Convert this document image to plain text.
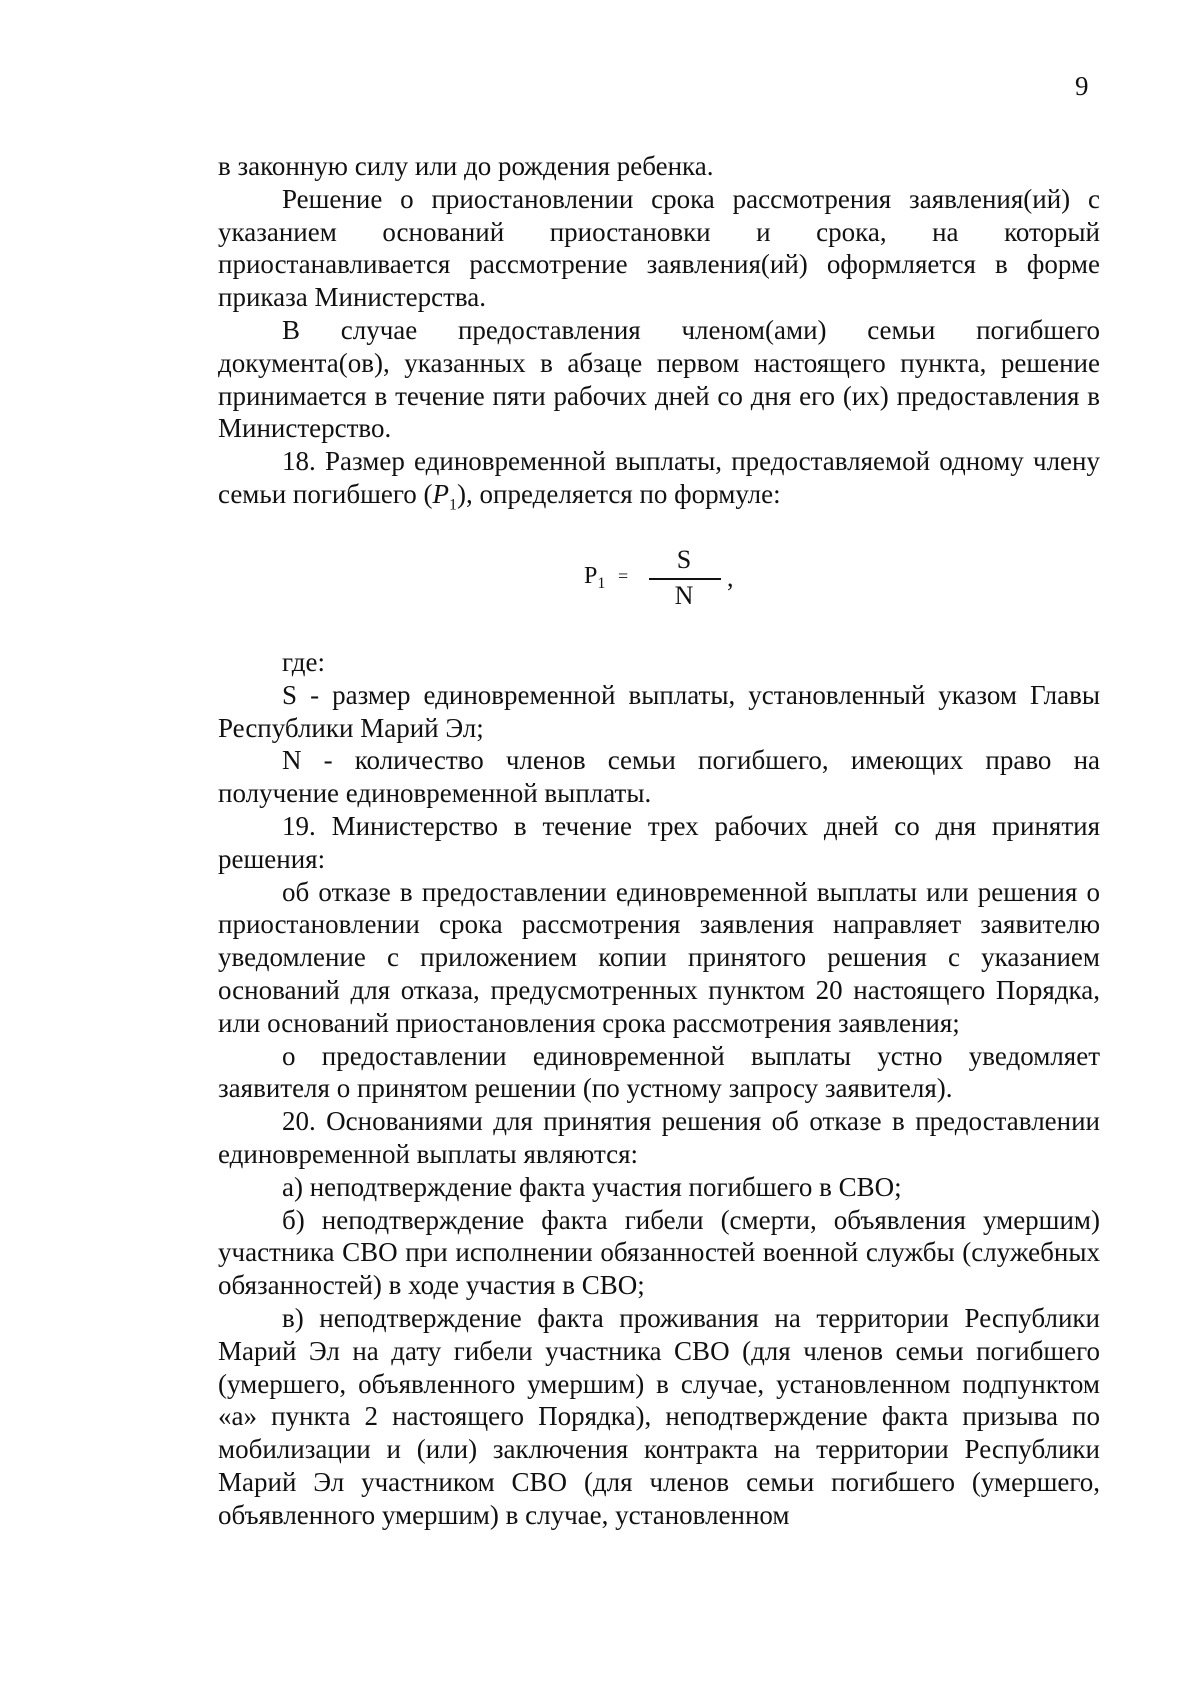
9

в законную силу или до рождения ребенка.

Решение о приостановлении срока рассмотрения заявления(ий) с указанием оснований приостановки и срока, на который приостанавливается рассмотрение заявления(ий) оформляется в форме приказа Министерства.

В случае предоставления членом(ами) семьи погибшего документа(ов), указанных в абзаце первом настоящего пункта, решение принимается в течение пяти рабочих дней со дня его (их) предоставления в Министерство.

18. Размер единовременной выплаты, предоставляемой одному члену семьи погибшего $(P_1)$, определяется по формуле:

$P_1$ =
S
N
,

где:

S - размер единовременной выплаты, установленный указом Главы Республики Марий Эл;

N - количество членов семьи погибшего, имеющих право на получение единовременной выплаты.

19. Министерство в течение трех рабочих дней со дня принятия решения:

об отказе в предоставлении единовременной выплаты или решения о приостановлении срока рассмотрения заявления направляет заявителю уведомление с приложением копии принятого решения с указанием оснований для отказа, предусмотренных пунктом 20 настоящего Порядка, или оснований приостановления срока рассмотрения заявления;

о предоставлении единовременной выплаты устно уведомляет заявителя о принятом решении (по устному запросу заявителя).

20. Основаниями для принятия решения об отказе в предоставлении единовременной выплаты являются:

а) неподтверждение факта участия погибшего в СВО;

б) неподтверждение факта гибели (смерти, объявления умершим) участника СВО при исполнении обязанностей военной службы (служебных обязанностей) в ходе участия в СВО;

в) неподтверждение факта проживания на территории Республики Марий Эл на дату гибели участника СВО (для членов семьи погибшего (умершего, объявленного умершим) в случае, установленном подпунктом «а» пункта 2 настоящего Порядка), неподтверждение факта призыва по мобилизации и (или) заключения контракта на территории Республики Марий Эл участником СВО (для членов семьи погибшего (умершего, объявленного умершим) в случае, установленном
